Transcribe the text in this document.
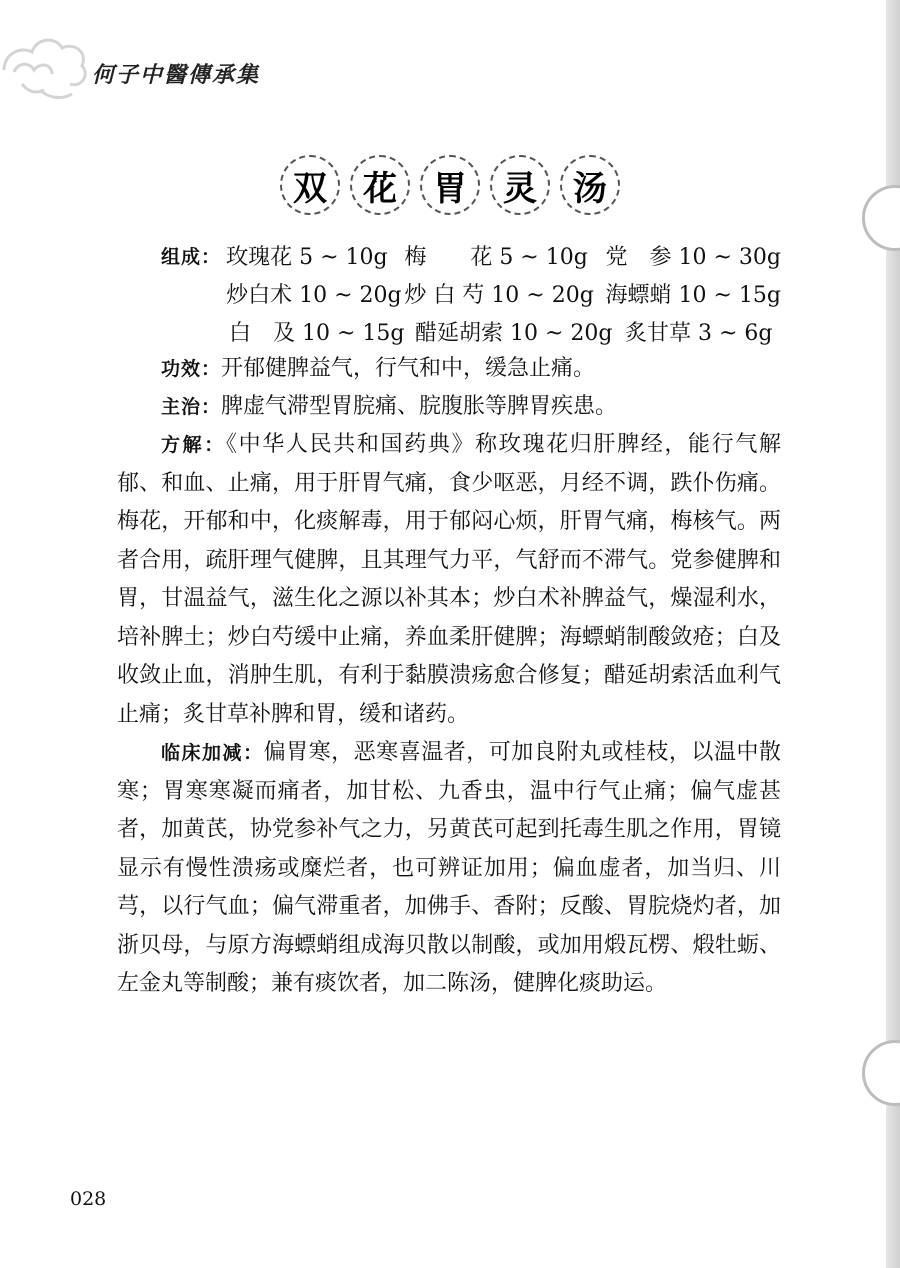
何子中醫傳承集
双	花	胃	灵	汤
组成： 玫瑰花 5 ~ 10g 梅　　花 5 ~ 10g 党　参 10 ~ 30g
炒白术 10 ~ 20g 炒 白 芍 10 ~ 20g 海螵蛸 10 ~ 15g
白　及 10 ~ 15g 醋延胡索 10 ~ 20g 炙甘草 3 ~ 6g
功效：开郁健脾益气，行气和中，缓急止痛。
主治：脾虚气滞型胃脘痛、脘腹胀等脾胃疾患。

方解：《中华人民共和国药典》称玫瑰花归肝脾经，能行气解郁、和血、止痛，用于肝胃气痛，食少呕恶，月经不调，跌仆伤痛。梅花，开郁和中，化痰解毒，用于郁闷心烦，肝胃气痛，梅核气。两者合用，疏肝理气健脾，且其理气力平，气舒而不滞气。党参健脾和胃，甘温益气，滋生化之源以补其本；炒白术补脾益气，燥湿利水，培补脾土；炒白芍缓中止痛，养血柔肝健脾；海螵蛸制酸敛疮；白及收敛止血，消肿生肌，有利于黏膜溃疡愈合修复；醋延胡索活血利气止痛；炙甘草补脾和胃，缓和诸药。

临床加减：偏胃寒，恶寒喜温者，可加良附丸或桂枝，以温中散寒；胃寒寒凝而痛者，加甘松、九香虫，温中行气止痛；偏气虚甚者，加黄芪，协党参补气之力，另黄芪可起到托毒生肌之作用，胃镜显示有慢性溃疡或糜烂者，也可辨证加用；偏血虚者，加当归、川芎，以行气血；偏气滞重者，加佛手、香附；反酸、胃脘烧灼者，加浙贝母，与原方海螵蛸组成海贝散以制酸，或加用煅瓦楞、煅牡蛎、左金丸等制酸；兼有痰饮者，加二陈汤，健脾化痰助运。

028
